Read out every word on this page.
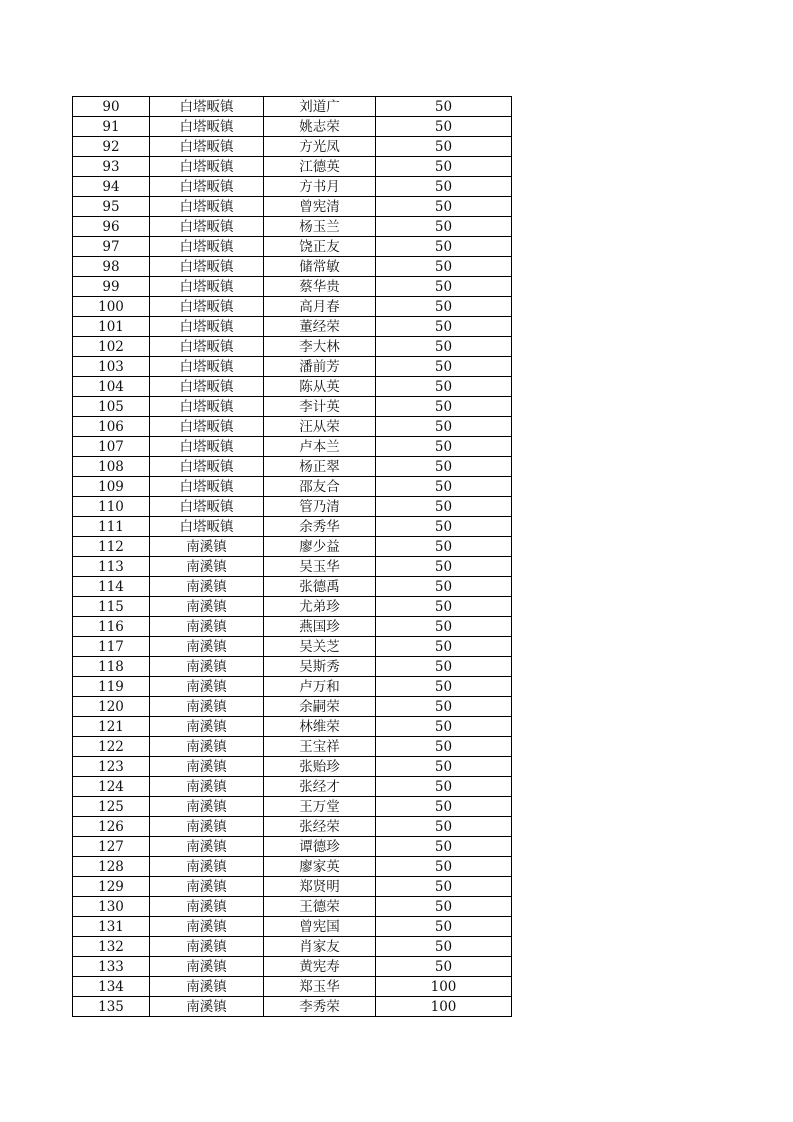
90	白塔畈镇	刘道广	50
91	白塔畈镇	姚志荣	50
92	白塔畈镇	方光凤	50
93	白塔畈镇	江德英	50
94	白塔畈镇	方书月	50
95	白塔畈镇	曾宪清	50
96	白塔畈镇	杨玉兰	50
97	白塔畈镇	饶正友	50
98	白塔畈镇	储常敏	50
99	白塔畈镇	蔡华贵	50
100	白塔畈镇	高月春	50
101	白塔畈镇	董经荣	50
102	白塔畈镇	李大林	50
103	白塔畈镇	潘前芳	50
104	白塔畈镇	陈从英	50
105	白塔畈镇	李计英	50
106	白塔畈镇	汪从荣	50
107	白塔畈镇	卢本兰	50
108	白塔畈镇	杨正翠	50
109	白塔畈镇	邵友合	50
110	白塔畈镇	管乃清	50
111	白塔畈镇	余秀华	50
112	南溪镇	廖少益	50
113	南溪镇	吴玉华	50
114	南溪镇	张德禹	50
115	南溪镇	尤弟珍	50
116	南溪镇	燕国珍	50
117	南溪镇	吴关芝	50
118	南溪镇	吴斯秀	50
119	南溪镇	卢万和	50
120	南溪镇	余嗣荣	50
121	南溪镇	林维荣	50
122	南溪镇	王宝祥	50
123	南溪镇	张贻珍	50
124	南溪镇	张经才	50
125	南溪镇	王万堂	50
126	南溪镇	张经荣	50
127	南溪镇	谭德珍	50
128	南溪镇	廖家英	50
129	南溪镇	郑贤明	50
130	南溪镇	王德荣	50
131	南溪镇	曾宪国	50
132	南溪镇	肖家友	50
133	南溪镇	黄宪寿	50
134	南溪镇	郑玉华	100
135	南溪镇	李秀荣	100
